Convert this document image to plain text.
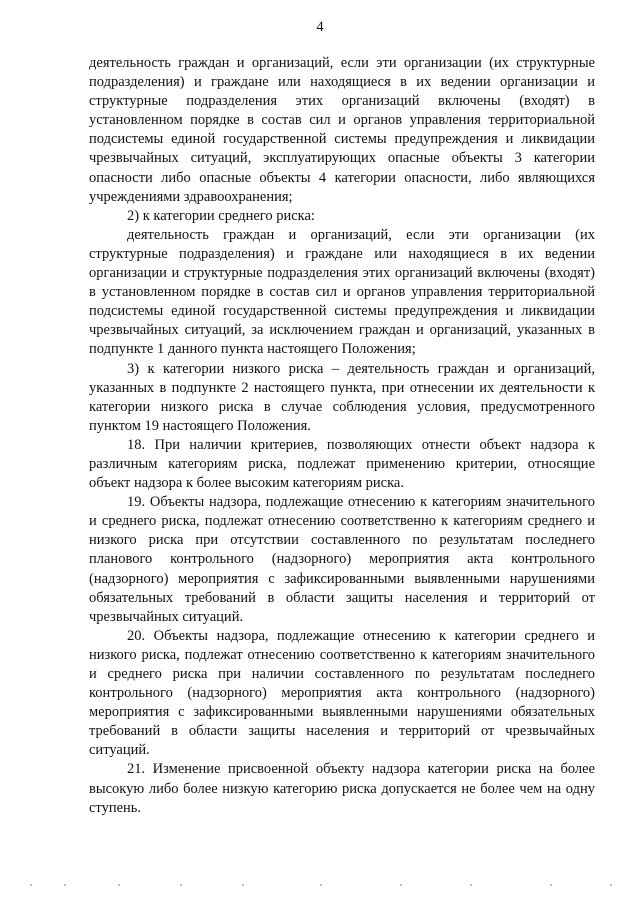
4

деятельность граждан и организаций, если эти организации (их структурные подразделения) и граждане или находящиеся в их ведении организации и структурные подразделения этих организаций включены (входят) в установленном порядке в состав сил и органов управления территориальной подсистемы единой государственной системы предупреждения и ликвидации чрезвычайных ситуаций, эксплуатирующих опасные объекты 3 категории опасности либо опасные объекты 4 категории опасности, либо являющихся учреждениями здравоохранения;

2) к категории среднего риска:

деятельность граждан и организаций, если эти организации (их структурные подразделения) и граждане или находящиеся в их ведении организации и структурные подразделения этих организаций включены (входят) в установленном порядке в состав сил и органов управления территориальной подсистемы единой государственной системы предупреждения и ликвидации чрезвычайных ситуаций, за исключением граждан и организаций, указанных в подпункте 1 данного пункта настоящего Положения;

3) к категории низкого риска – деятельность граждан и организаций, указанных в подпункте 2 настоящего пункта, при отнесении их деятельности к категории низкого риска в случае соблюдения условия, предусмотренного пунктом 19 настоящего Положения.

18. При наличии критериев, позволяющих отнести объект надзора к различным категориям риска, подлежат применению критерии, относящие объект надзора к более высоким категориям риска.

19. Объекты надзора, подлежащие отнесению к категориям значительного и среднего риска, подлежат отнесению соответственно к категориям среднего и низкого риска при отсутствии составленного по результатам последнего планового контрольного (надзорного) мероприятия акта контрольного (надзорного) мероприятия с зафиксированными выявленными нарушениями обязательных требований в области защиты населения и территорий от чрезвычайных ситуаций.

20. Объекты надзора, подлежащие отнесению к категории среднего и низкого риска, подлежат отнесению соответственно к категориям значительного и среднего риска при наличии составленного по результатам последнего контрольного (надзорного) мероприятия акта контрольного (надзорного) мероприятия с зафиксированными выявленными нарушениями обязательных требований в области защиты населения и территорий от чрезвычайных ситуаций.

21. Изменение присвоенной объекту надзора категории риска на более высокую либо более низкую категорию риска допускается не более чем на одну ступень.
